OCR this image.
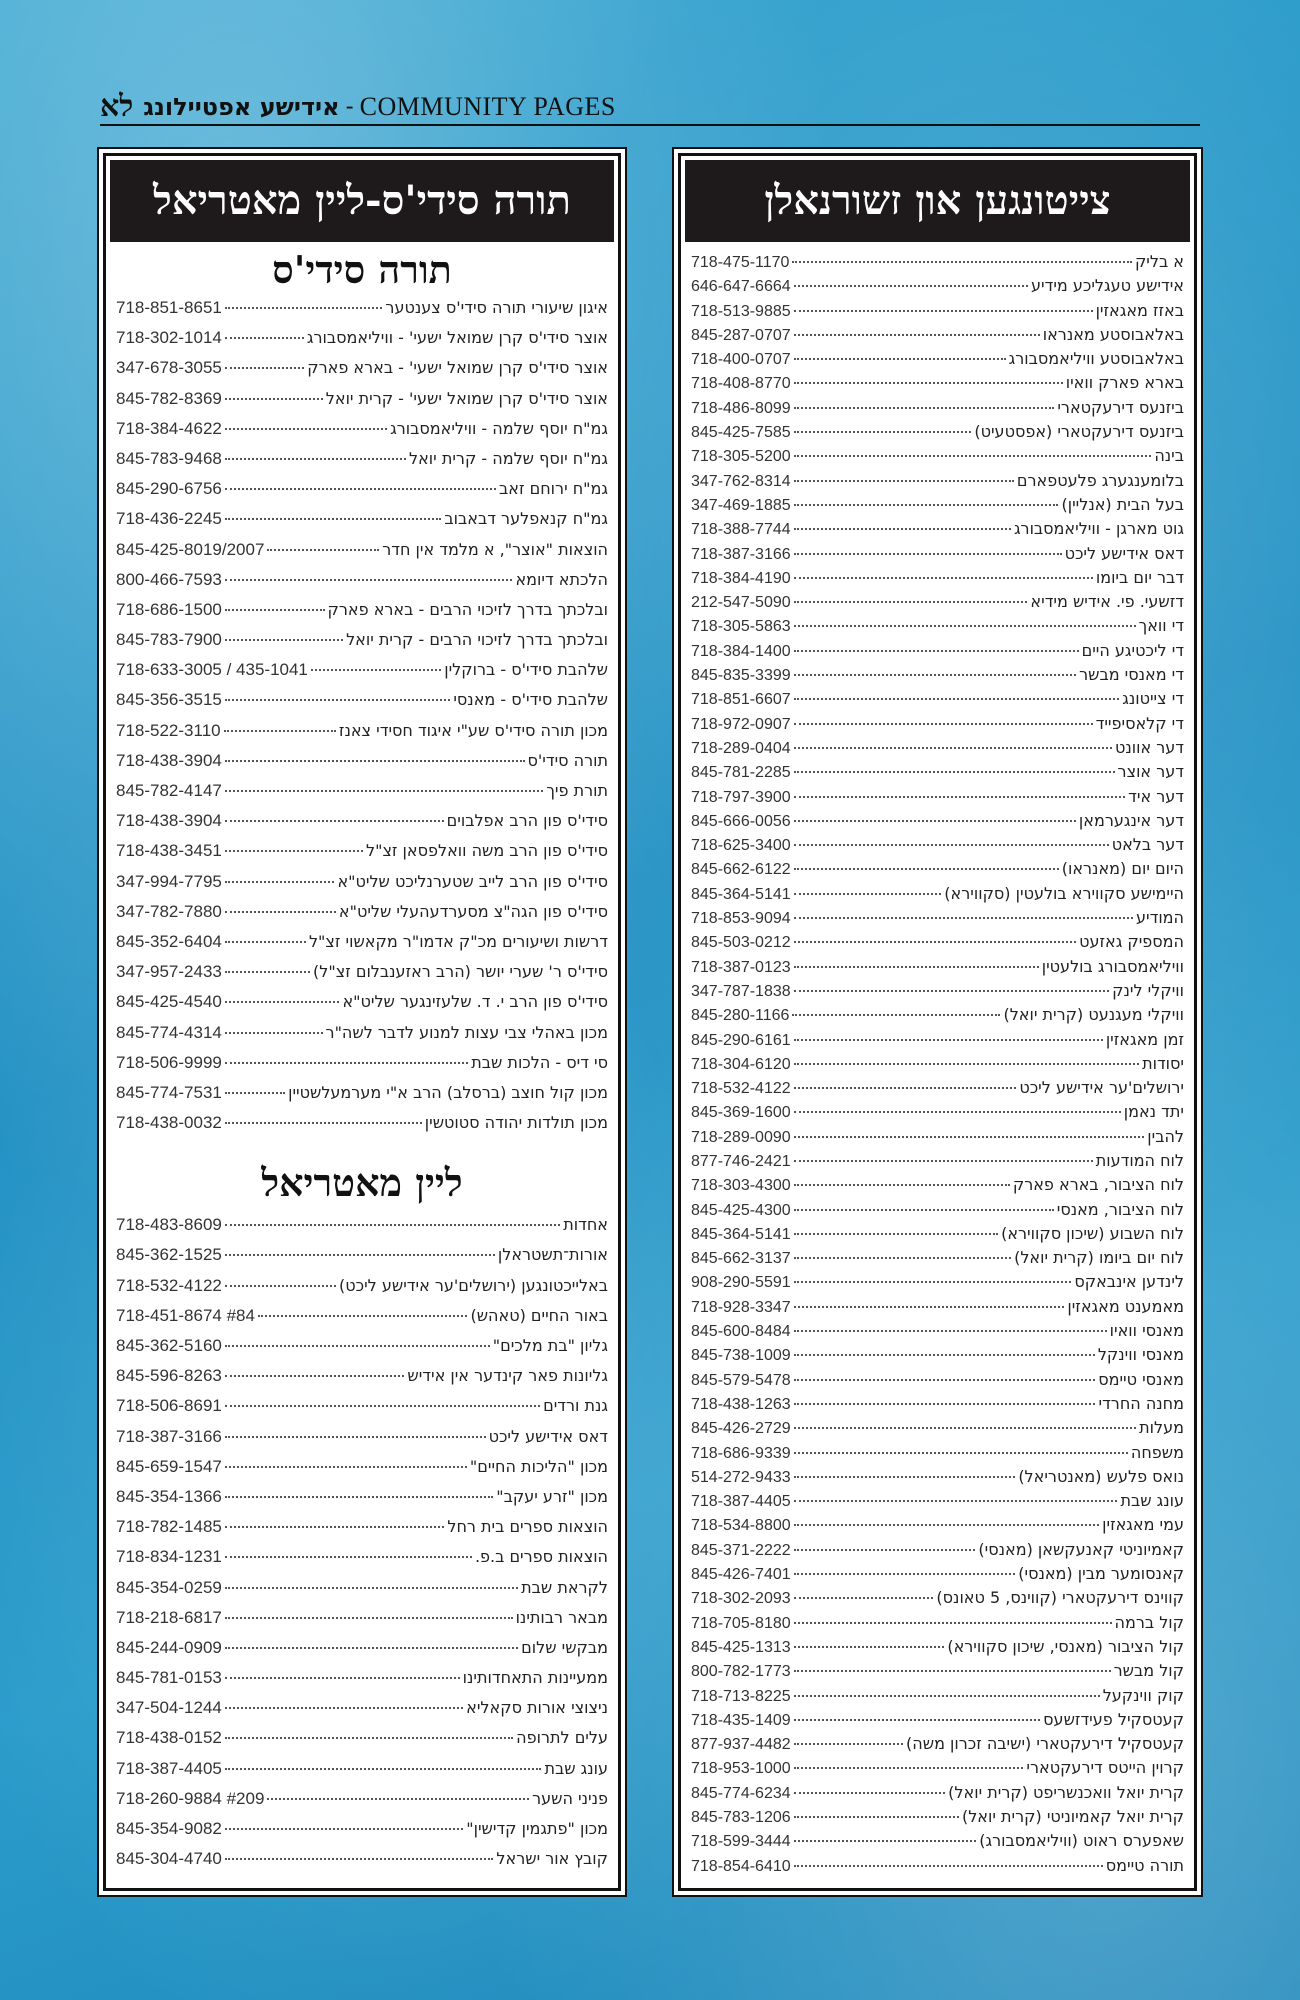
לא אידישע אפטיילונג - COMMUNITY PAGES
תורה סידי'ס-ליין מאטריאל
תורה סידי'ס
איגון שיעורי תורה סידי'ס צענטער
718-851-8651
אוצר סידי'ס קרן שמואל ישעי' - וויליאמסבורג
718-302-1014
אוצר סידי'ס קרן שמואל ישעי' - בארא פארק
347-678-3055
אוצר סידי'ס קרן שמואל ישעי' - קרית יואל
845-782-8369
גמ"ח יוסף שלמה - וויליאמסבורג
718-384-4622
גמ"ח יוסף שלמה - קרית יואל
845-783-9468
גמ"ח ירוחם זאב
845-290-6756
גמ"ח קנאפלער דבאבוב
718-436-2245
הוצאות "אוצר", א מלמד אין חדר
845-425-8019/2007
הלכתא דיומא
800-466-7593
ובלכתך בדרך לזיכוי הרבים - בארא פארק
718-686-1500
ובלכתך בדרך לזיכוי הרבים - קרית יואל
845-783-7900
שלהבת סידי'ס - ברוקלין
718-633-3005 / 435-1041
שלהבת סידי'ס - מאנסי
845-356-3515
מכון תורה סידי'ס שע"י איגוד חסידי צאנז
718-522-3110
תורה סידי'ס
718-438-3904
תורת פיך
845-782-4147
סידי'ס פון הרב אפלבוים
718-438-3904
סידי'ס פון הרב משה וואלפסאן זצ"ל
718-438-3451
סידי'ס פון הרב לייב שטערנליכט שליט"א
347-994-7795
סידי'ס פון הגה"צ מסערדעהעלי שליט"א
347-782-7880
דרשות ושיעורים מכ"ק אדמו"ר מקאשוי זצ"ל
845-352-6404
סידי'ס ר' שערי יושר (הרב ראזענבלום זצ"ל)
347-957-2433
סידי'ס פון הרב י. ד. שלעזינגער שליט"א
845-425-4540
מכון באהלי צבי עצות למנוע לדבר לשה"ר
845-774-4314
סי דיס - הלכות שבת
718-506-9999
מכון קול חוצב (ברסלב) הרב א"י מערמעלשטיין
845-774-7531
מכון תולדות יהודה סטוטשין
718-438-0032
ליין מאטריאל
אחדות
718-483-8609
אורות־תשטראלן
845-362-1525
באלייכטונגען (ירושלים'ער אידישע ליכט)
718-532-4122
באור החיים (טאהש)
718-451-8674 #84
גליון "בת מלכים"
845-362-5160
גליונות פאר קינדער אין אידיש
845-596-8263
גנת ורדים
718-506-8691
דאס אידישע ליכט
718-387-3166
מכון "הליכות החיים"
845-659-1547
מכון "זרע יעקב"
845-354-1366
הוצאות ספרים בית רחל
718-782-1485
הוצאות ספרים ב.פ.
718-834-1231
לקראת שבת
845-354-0259
מבאר רבותינו
718-218-6817
מבקשי שלום
845-244-0909
ממעיינות התאחדותינו
845-781-0153
ניצוצי אורות סקאליא
347-504-1244
עלים לתרופה
718-438-0152
עונג שבת
718-387-4405
פניני השער
718-260-9884 #209
מכון "פתגמין קדישין"
845-354-9082
קובץ אור ישראל
845-304-4740
צייטונגען און זשורנאלן
א בליק
718-475-1170
אידישע טעגליכע מידיע
646-647-6664
באזז מאגאזין
718-513-9885
באלאבוסטע מאנראו
845-287-0707
באלאבוסטע וויליאמסבורג
718-400-0707
בארא פארק וואיו
718-408-8770
ביזנעס דירעקטארי
718-486-8099
ביזנעס דירעקטארי (אפסטעיט)
845-425-7585
בינה
718-305-5200
בלומענגערג פלעטפארם
347-762-8314
בעל הבית (אנליין)
347-469-1885
גוט מארגן - וויליאמסבורג
718-388-7744
דאס אידישע ליכט
718-387-3166
דבר יום ביומו
718-384-4190
דזשעי. פי. אידיש מידיא
212-547-5090
די וואך
718-305-5863
די ליכטיגע היים
718-384-1400
די מאנסי מבשר
845-835-3399
די צייטונג
718-851-6607
די קלאסיפייד
718-972-0907
דער אוונט
718-289-0404
דער אוצר
845-781-2285
דער איד
718-797-3900
דער אינגערמאן
845-666-0056
דער בלאט
718-625-3400
היום יום (מאנראו)
845-662-6122
היימישע סקווירא בולעטין (סקווירא)
845-364-5141
המודיע
718-853-9094
המספיק גאזעט
845-503-0212
וויליאמסבורג בולעטין
718-387-0123
וויקלי לינק
347-787-1838
וויקלי מעגנעט (קרית יואל)
845-280-1166
זמן מאגאזין
845-290-6161
יסודות
718-304-6120
ירושלים'ער אידישע ליכט
718-532-4122
יתד נאמן
845-369-1600
להבין
718-289-0090
לוח המודעות
877-746-2421
לוח הציבור, בארא פארק
718-303-4300
לוח הציבור, מאנסי
845-425-4300
לוח השבוע (שיכון סקווירא)
845-364-5141
לוח יום ביומו (קרית יואל)
845-662-3137
לינדען אינבאקס
908-290-5591
מאמענט מאגאזין
718-928-3347
מאנסי וואיו
845-600-8484
מאנסי ווינקל
845-738-1009
מאנסי טיימס
845-579-5478
מחנה החרדי
718-438-1263
מעלות
845-426-2729
משפחה
718-686-9339
נואס פלעש (מאנטריאל)
514-272-9433
עונג שבת
718-387-4405
עמי מאגאזין
718-534-8800
קאמיוניטי קאנעקשאן (מאנסי)
845-371-2222
קאנסומער מבין (מאנסי)
845-426-7401
קווינס דירעקטארי (קווינס, 5 טאונס)
718-302-2093
קול ברמה
718-705-8180
קול הציבור (מאנסי, שיכון סקווירא)
845-425-1313
קול מבשר
800-782-1773
קוק ווינקעל
718-713-8225
קעטסקיל פעידזשעס
718-435-1409
קעטסקיל דירעקטארי (ישיבה זכרון משה)
877-937-4482
קרוין הייטס דירעקטארי
718-953-1000
קרית יואל וואכנשריפט (קרית יואל)
845-774-6234
קרית יואל קאמיוניטי (קרית יואל)
845-783-1206
שאפערס ראוט (וויליאמסבורג)
718-599-3444
תורה טיימס
718-854-6410
